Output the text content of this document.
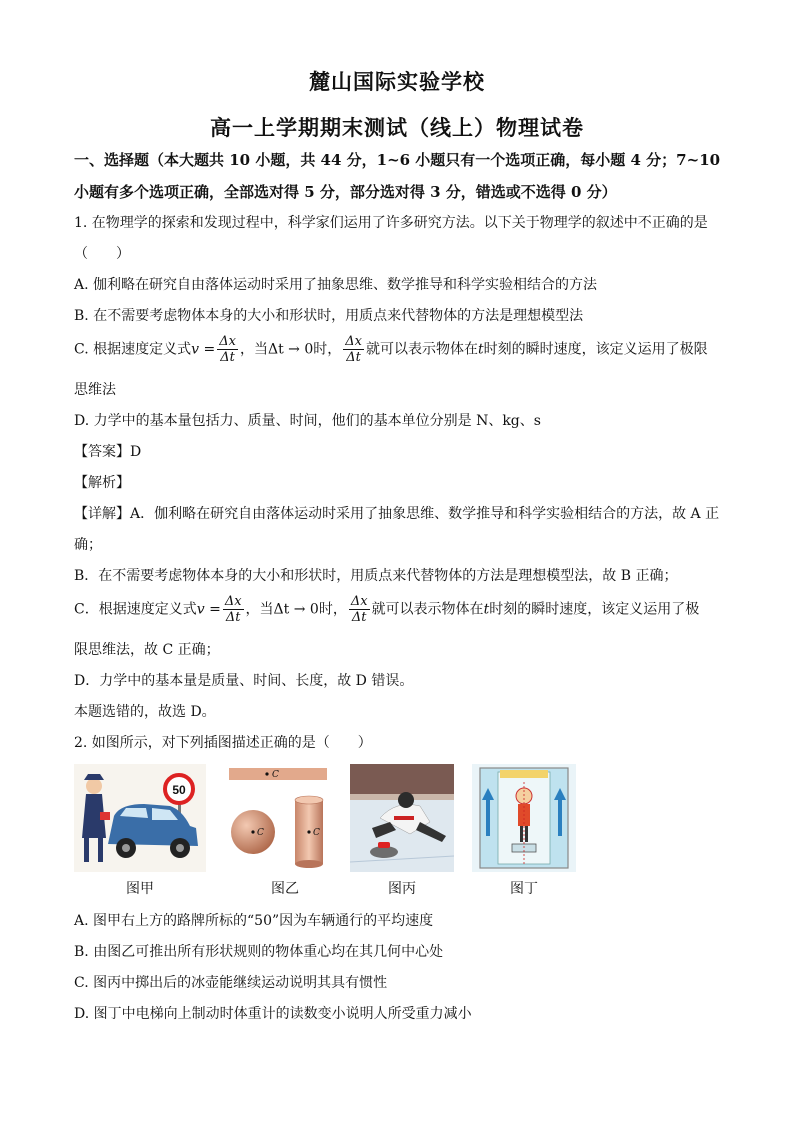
麓山国际实验学校
高一上学期期末测试（线上）物理试卷
一、选择题（本大题共 10 小题，共 44 分，1~6 小题只有一个选项正确，每小题 4 分；7~10
小题有多个选项正确，全部选对得 5 分，部分选对得 3 分，错选或不选得 0 分）
1. 在物理学的探索和发现过程中，科学家们运用了许多研究方法。以下关于物理学的叙述中不正确的是
（　　）
A. 伽利略在研究自由落体运动时采用了抽象思维、数学推导和科学实验相结合的方法
B. 在不需要考虑物体本身的大小和形状时，用质点来代替物体的方法是理想模型法
C. 根据速度定义式$v = \frac{\Delta x}{\Delta t}$ ，当Δt → 0时， $\frac{\Delta x}{\Delta t}$ 就可以表示物体在t时刻的瞬时速度，该定义运用了极限
思维法
D. 力学中的基本量包括力、质量、时间，他们的基本单位分别是 N、kg、s
【答案】D
【解析】
【详解】A．伽利略在研究自由落体运动时采用了抽象思维、数学推导和科学实验相结合的方法，故 A 正
确；
B．在不需要考虑物体本身的大小和形状时，用质点来代替物体的方法是理想模型法，故 B 正确；
C．根据速度定义式$v = \frac{\Delta x}{\Delta t}$ ，当Δt → 0时， $\frac{\Delta x}{\Delta t}$ 就可以表示物体在t时刻的瞬时速度，该定义运用了极
限思维法，故 C 正确；
D．力学中的基本量是质量、时间、长度，故 D 错误。
本题选错的，故选 D。
2. 如图所示，对下列插图描述正确的是（　　）
50
图甲
C
C	C
图乙	图丙	图丁
A. 图甲右上方的路牌所标的“50”因为车辆通行的平均速度
B. 由图乙可推出所有形状规则的物体重心均在其几何中心处
C. 图丙中掷出后的冰壶能继续运动说明其具有惯性
D. 图丁中电梯向上制动时体重计的读数变小说明人所受重力减小
